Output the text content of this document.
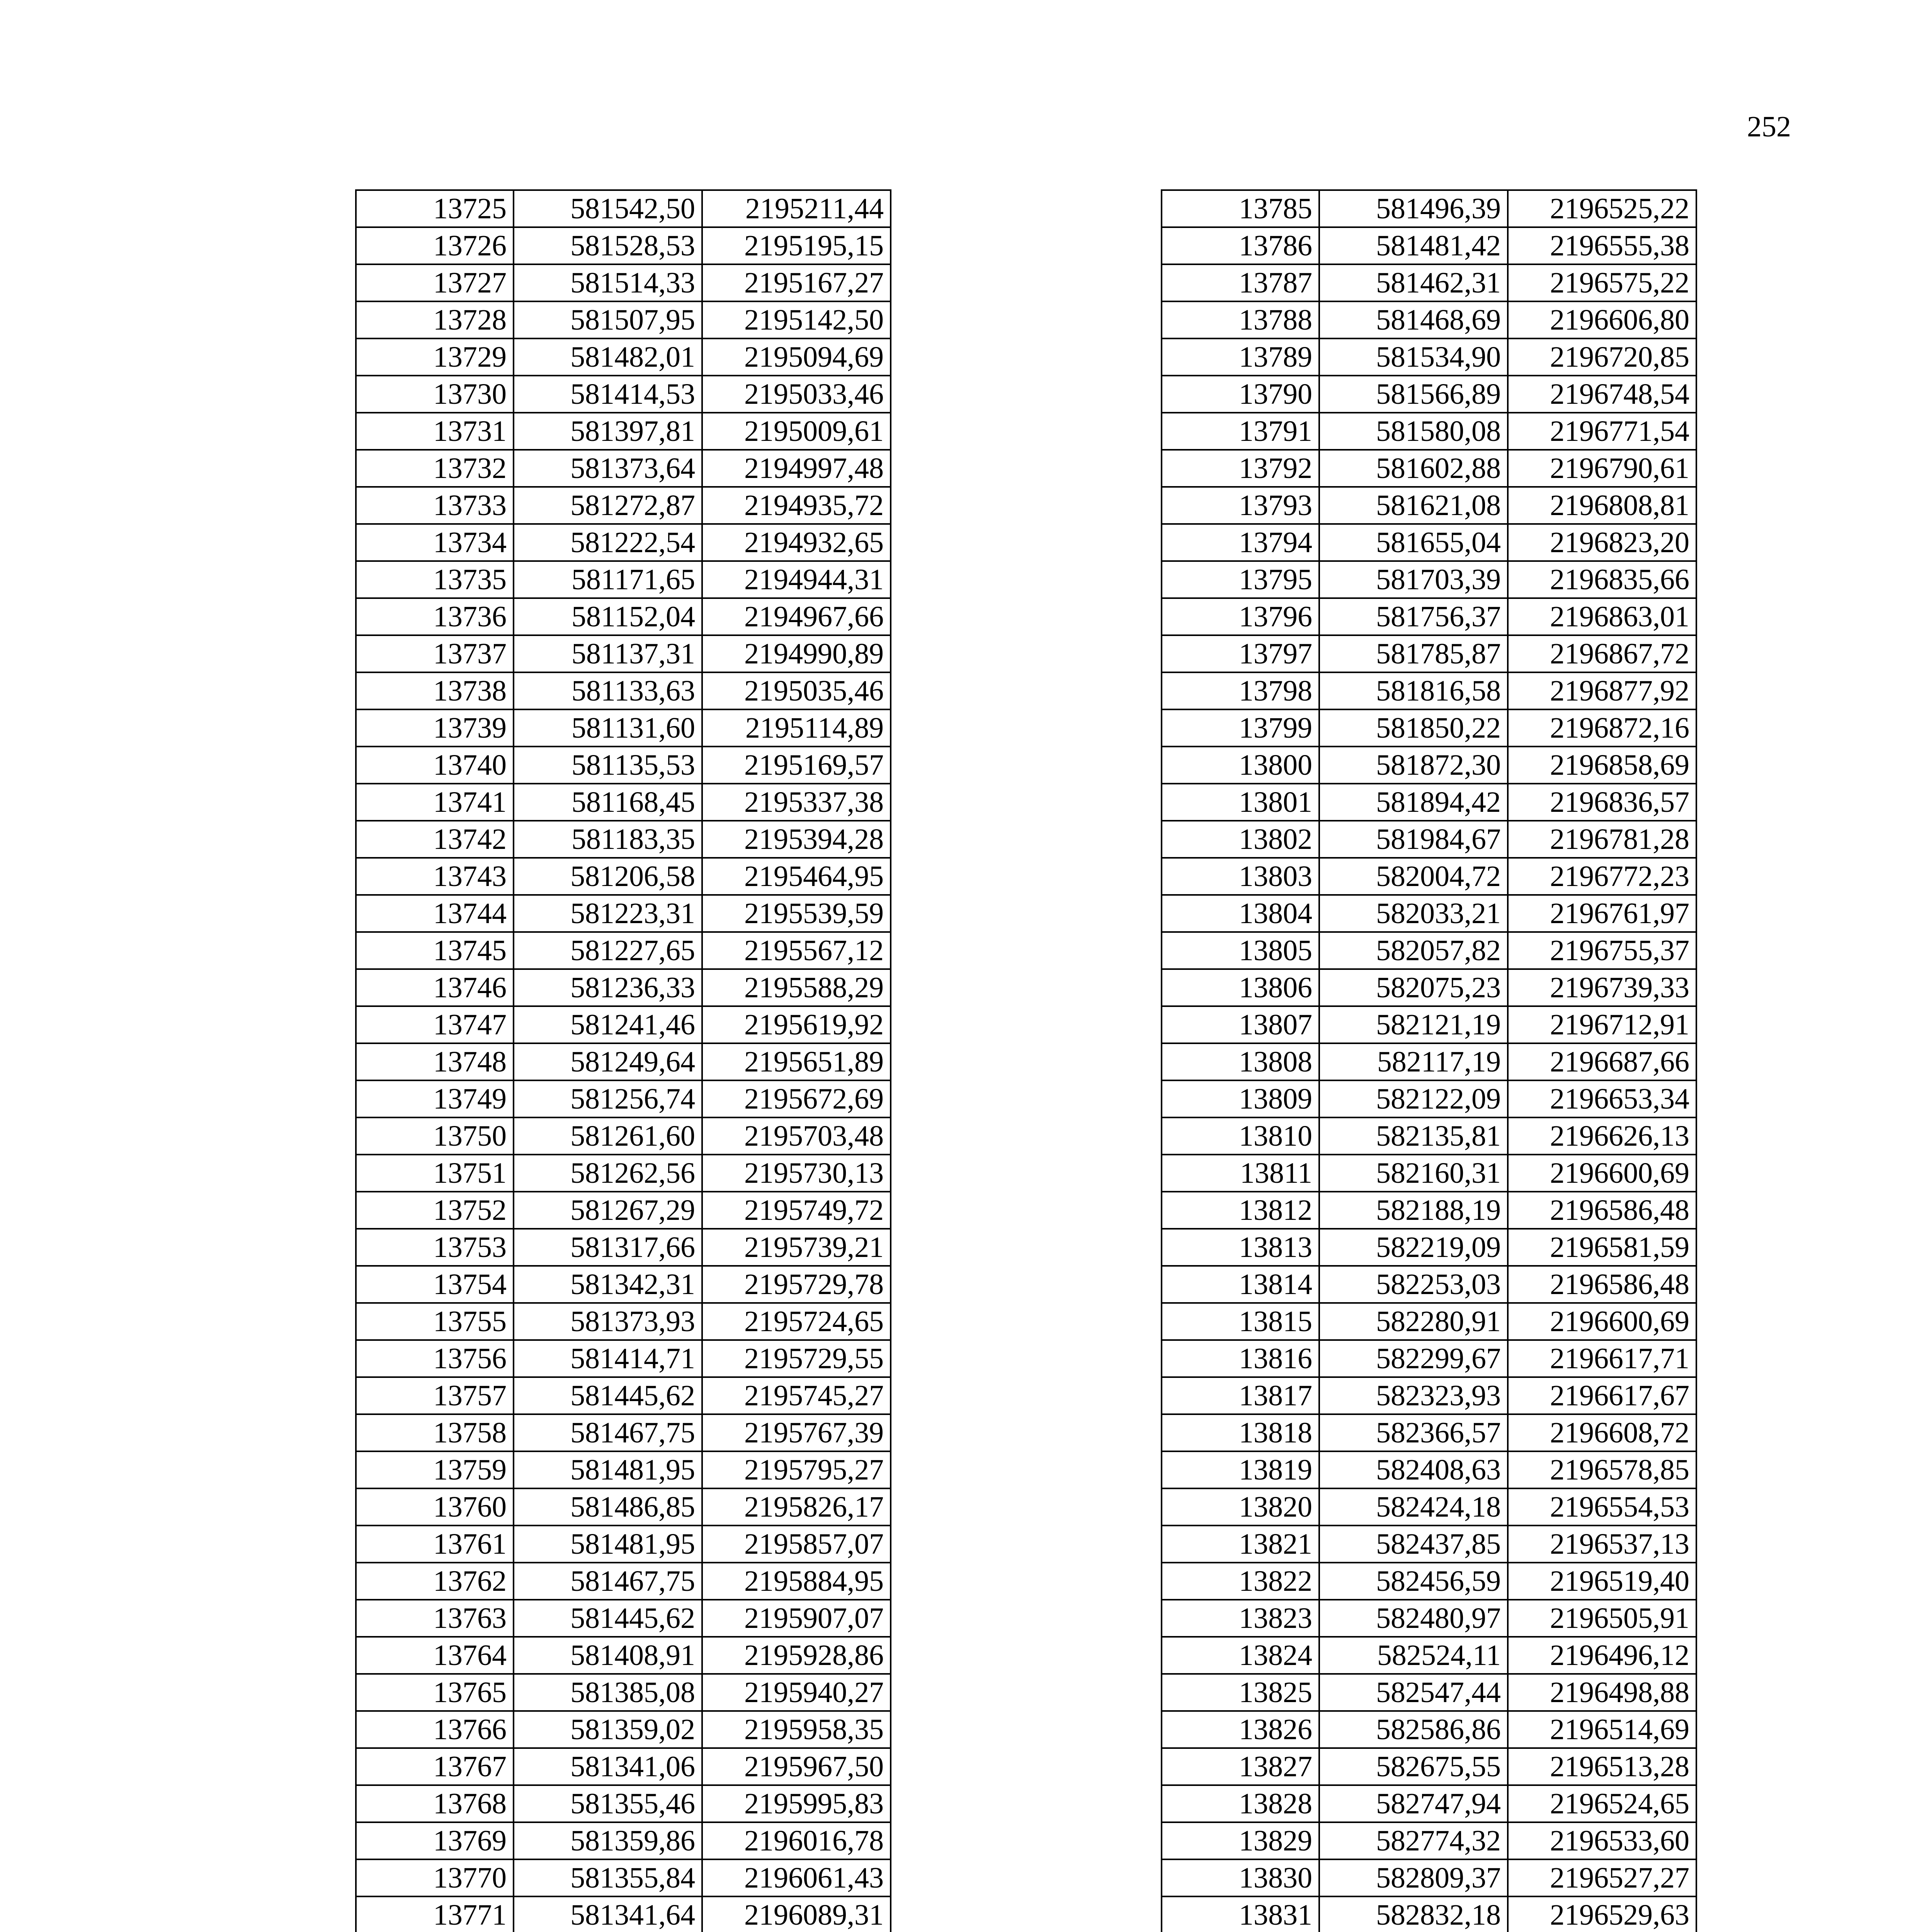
252
13725	581542,50	2195211,44
13726	581528,53	2195195,15
13727	581514,33	2195167,27
13728	581507,95	2195142,50
13729	581482,01	2195094,69
13730	581414,53	2195033,46
13731	581397,81	2195009,61
13732	581373,64	2194997,48
13733	581272,87	2194935,72
13734	581222,54	2194932,65
13735	581171,65	2194944,31
13736	581152,04	2194967,66
13737	581137,31	2194990,89
13738	581133,63	2195035,46
13739	581131,60	2195114,89
13740	581135,53	2195169,57
13741	581168,45	2195337,38
13742	581183,35	2195394,28
13743	581206,58	2195464,95
13744	581223,31	2195539,59
13745	581227,65	2195567,12
13746	581236,33	2195588,29
13747	581241,46	2195619,92
13748	581249,64	2195651,89
13749	581256,74	2195672,69
13750	581261,60	2195703,48
13751	581262,56	2195730,13
13752	581267,29	2195749,72
13753	581317,66	2195739,21
13754	581342,31	2195729,78
13755	581373,93	2195724,65
13756	581414,71	2195729,55
13757	581445,62	2195745,27
13758	581467,75	2195767,39
13759	581481,95	2195795,27
13760	581486,85	2195826,17
13761	581481,95	2195857,07
13762	581467,75	2195884,95
13763	581445,62	2195907,07
13764	581408,91	2195928,86
13765	581385,08	2195940,27
13766	581359,02	2195958,35
13767	581341,06	2195967,50
13768	581355,46	2195995,83
13769	581359,86	2196016,78
13770	581355,84	2196061,43
13771	581341,64	2196089,31

13785	581496,39	2196525,22
13786	581481,42	2196555,38
13787	581462,31	2196575,22
13788	581468,69	2196606,80
13789	581534,90	2196720,85
13790	581566,89	2196748,54
13791	581580,08	2196771,54
13792	581602,88	2196790,61
13793	581621,08	2196808,81
13794	581655,04	2196823,20
13795	581703,39	2196835,66
13796	581756,37	2196863,01
13797	581785,87	2196867,72
13798	581816,58	2196877,92
13799	581850,22	2196872,16
13800	581872,30	2196858,69
13801	581894,42	2196836,57
13802	581984,67	2196781,28
13803	582004,72	2196772,23
13804	582033,21	2196761,97
13805	582057,82	2196755,37
13806	582075,23	2196739,33
13807	582121,19	2196712,91
13808	582117,19	2196687,66
13809	582122,09	2196653,34
13810	582135,81	2196626,13
13811	582160,31	2196600,69
13812	582188,19	2196586,48
13813	582219,09	2196581,59
13814	582253,03	2196586,48
13815	582280,91	2196600,69
13816	582299,67	2196617,71
13817	582323,93	2196617,67
13818	582366,57	2196608,72
13819	582408,63	2196578,85
13820	582424,18	2196554,53
13821	582437,85	2196537,13
13822	582456,59	2196519,40
13823	582480,97	2196505,91
13824	582524,11	2196496,12
13825	582547,44	2196498,88
13826	582586,86	2196514,69
13827	582675,55	2196513,28
13828	582747,94	2196524,65
13829	582774,32	2196533,60
13830	582809,37	2196527,27
13831	582832,18	2196529,63
